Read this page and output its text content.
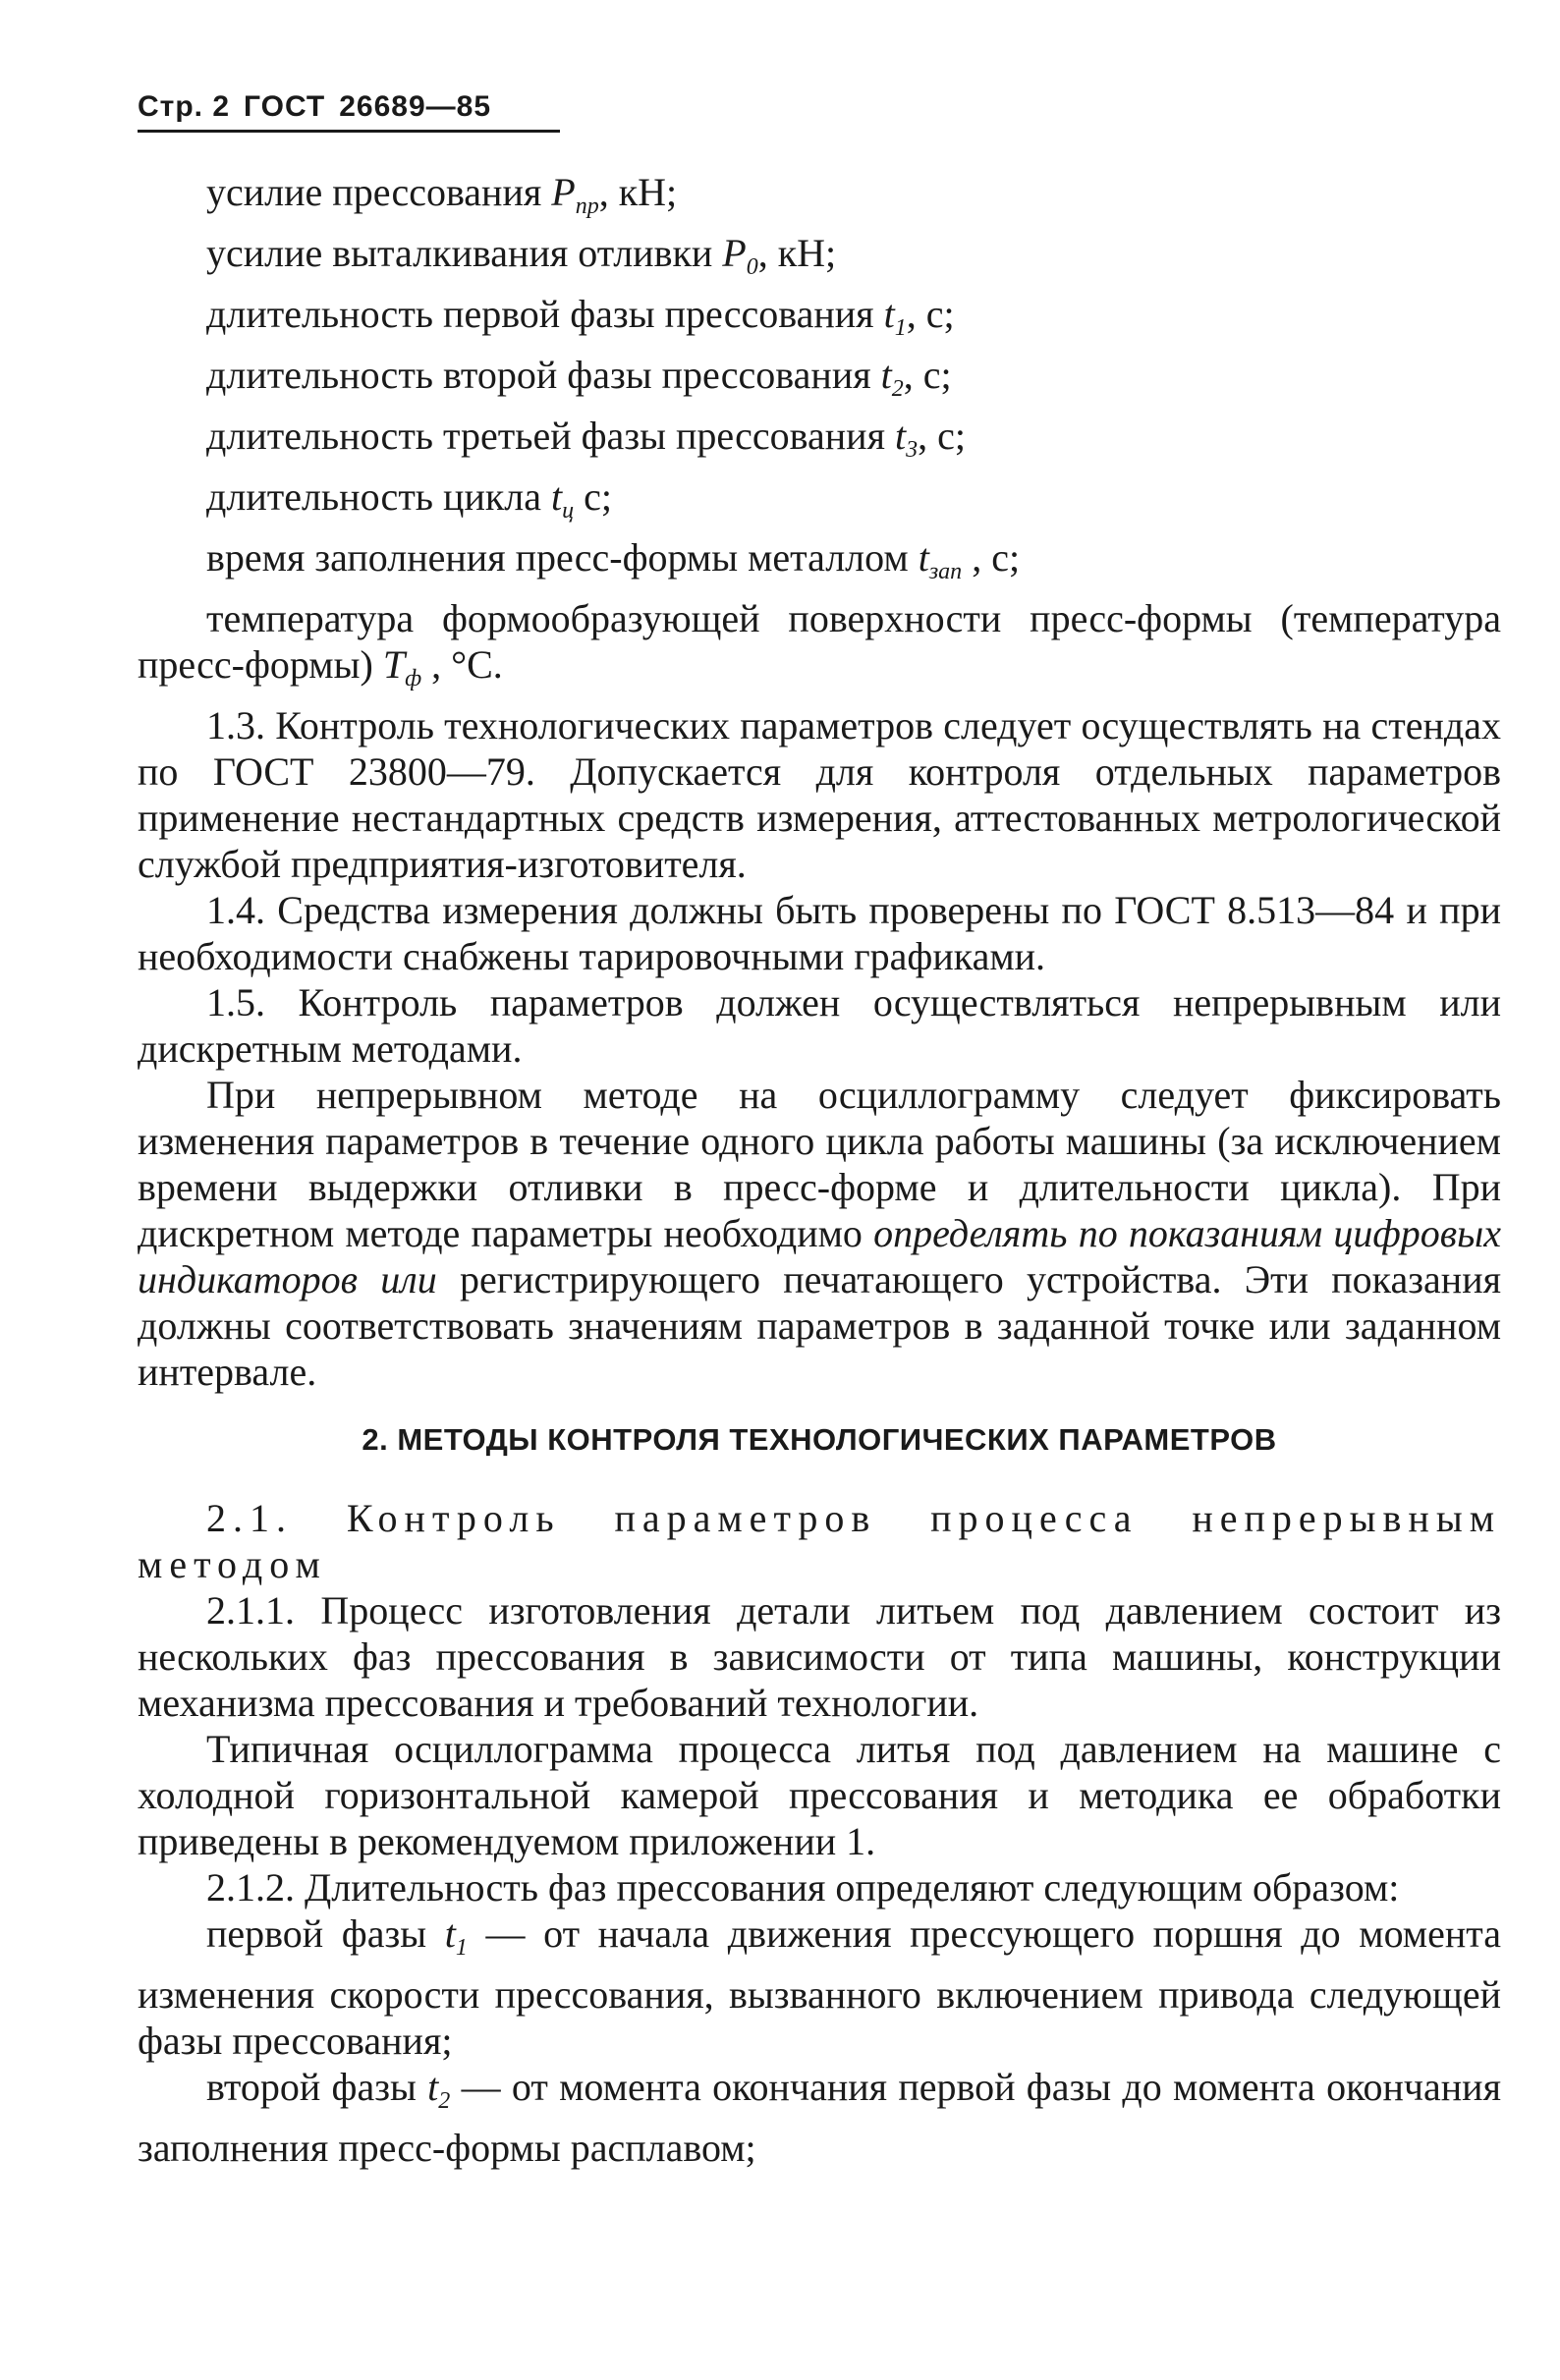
Стр. 2 ГОСТ 26689—85
усилие прессования $P_{пр}$, кН;
усилие выталкивания отливки $P_0$, кН;
длительность первой фазы прессования $t_1$, с;
длительность второй фазы прессования $t_2$, с;
длительность третьей фазы прессования $t_3$, с;
длительность цикла $t_ц$ с;
время заполнения пресс-формы металлом $t_{зап}$ , с;
температура формообразующей поверхности пресс-формы (температура пресс-формы) $T_ф$ , °С.
1.3. Контроль технологических параметров следует осуществлять на стендах по ГОСТ 23800—79. Допускается для контроля отдельных параметров применение нестандартных средств измерения, аттестованных метрологической службой предприятия-изготовителя.
1.4. Средства измерения должны быть проверены по ГОСТ 8.513—84 и при необходимости снабжены тарировочными графиками.
1.5. Контроль параметров должен осуществляться непрерывным или дискретным методами.
При непрерывном методе на осциллограмму следует фиксировать изменения параметров в течение одного цикла работы машины (за исключением времени выдержки отливки в пресс-форме и длительности цикла). При дискретном методе параметры необходимо определять по показаниям цифровых индикаторов или регистрирующего печатающего устройства. Эти показания должны соответствовать значениям параметров в заданной точке или заданном интервале.
2. МЕТОДЫ КОНТРОЛЯ ТЕХНОЛОГИЧЕСКИХ ПАРАМЕТРОВ
2.1. Контроль параметров процесса непрерывным методом
2.1.1. Процесс изготовления детали литьем под давлением состоит из нескольких фаз прессования в зависимости от типа машины, конструкции механизма прессования и требований технологии.
Типичная осциллограмма процесса литья под давлением на машине с холодной горизонтальной камерой прессования и методика ее обработки приведены в рекомендуемом приложении 1.
2.1.2. Длительность фаз прессования определяют следующим образом:
первой фазы $t_1$ — от начала движения прессующего поршня до момента изменения скорости прессования, вызванного включением привода следующей фазы прессования;
второй фазы $t_2$ — от момента окончания первой фазы до момента окончания заполнения пресс-формы расплавом;
